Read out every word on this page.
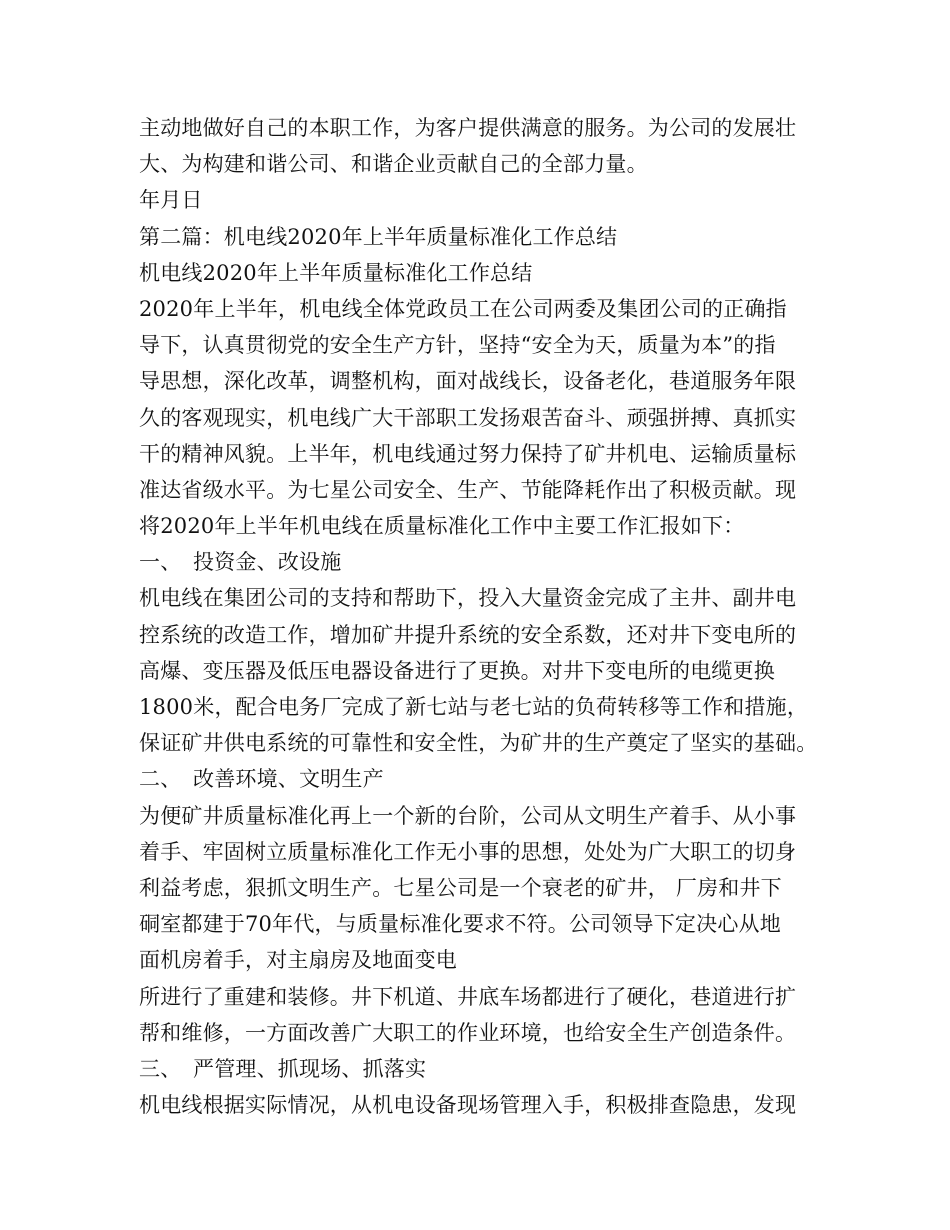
主动地做好自己的本职工作，为客户提供满意的服务。为公司的发展壮
大、为构建和谐公司、和谐企业贡献自己的全部力量。
年月日
第二篇：机电线2020年上半年质量标准化工作总结
机电线2020年上半年质量标准化工作总结
2020年上半年，机电线全体党政员工在公司两委及集团公司的正确指
导下，认真贯彻党的安全生产方针，坚持“安全为天，质量为本”的指
导思想，深化改革，调整机构，面对战线长，设备老化，巷道服务年限
久的客观现实，机电线广大干部职工发扬艰苦奋斗、顽强拼搏、真抓实
干的精神风貌。上半年，机电线通过努力保持了矿井机电、运输质量标
准达省级水平。为七星公司安全、生产、节能降耗作出了积极贡献。现
将2020年上半年机电线在质量标准化工作中主要工作汇报如下：
一、 投资金、改设施
机电线在集团公司的支持和帮助下，投入大量资金完成了主井、副井电
控系统的改造工作，增加矿井提升系统的安全系数，还对井下变电所的
高爆、变压器及低压电器设备进行了更换。对井下变电所的电缆更换
1800米，配合电务厂完成了新七站与老七站的负荷转移等工作和措施，
保证矿井供电系统的可靠性和安全性，为矿井的生产奠定了坚实的基础。
二、 改善环境、文明生产
为便矿井质量标准化再上一个新的台阶，公司从文明生产着手、从小事
着手、牢固树立质量标准化工作无小事的思想，处处为广大职工的切身
利益考虑，狠抓文明生产。七星公司是一个衰老的矿井， 厂房和井下
硐室都建于70年代，与质量标准化要求不符。公司领导下定决心从地
面机房着手，对主扇房及地面变电
所进行了重建和装修。井下机道、井底车场都进行了硬化，巷道进行扩
帮和维修，一方面改善广大职工的作业环境，也给安全生产创造条件。
三、 严管理、抓现场、抓落实
机电线根据实际情况，从机电设备现场管理入手，积极排查隐患，发现
